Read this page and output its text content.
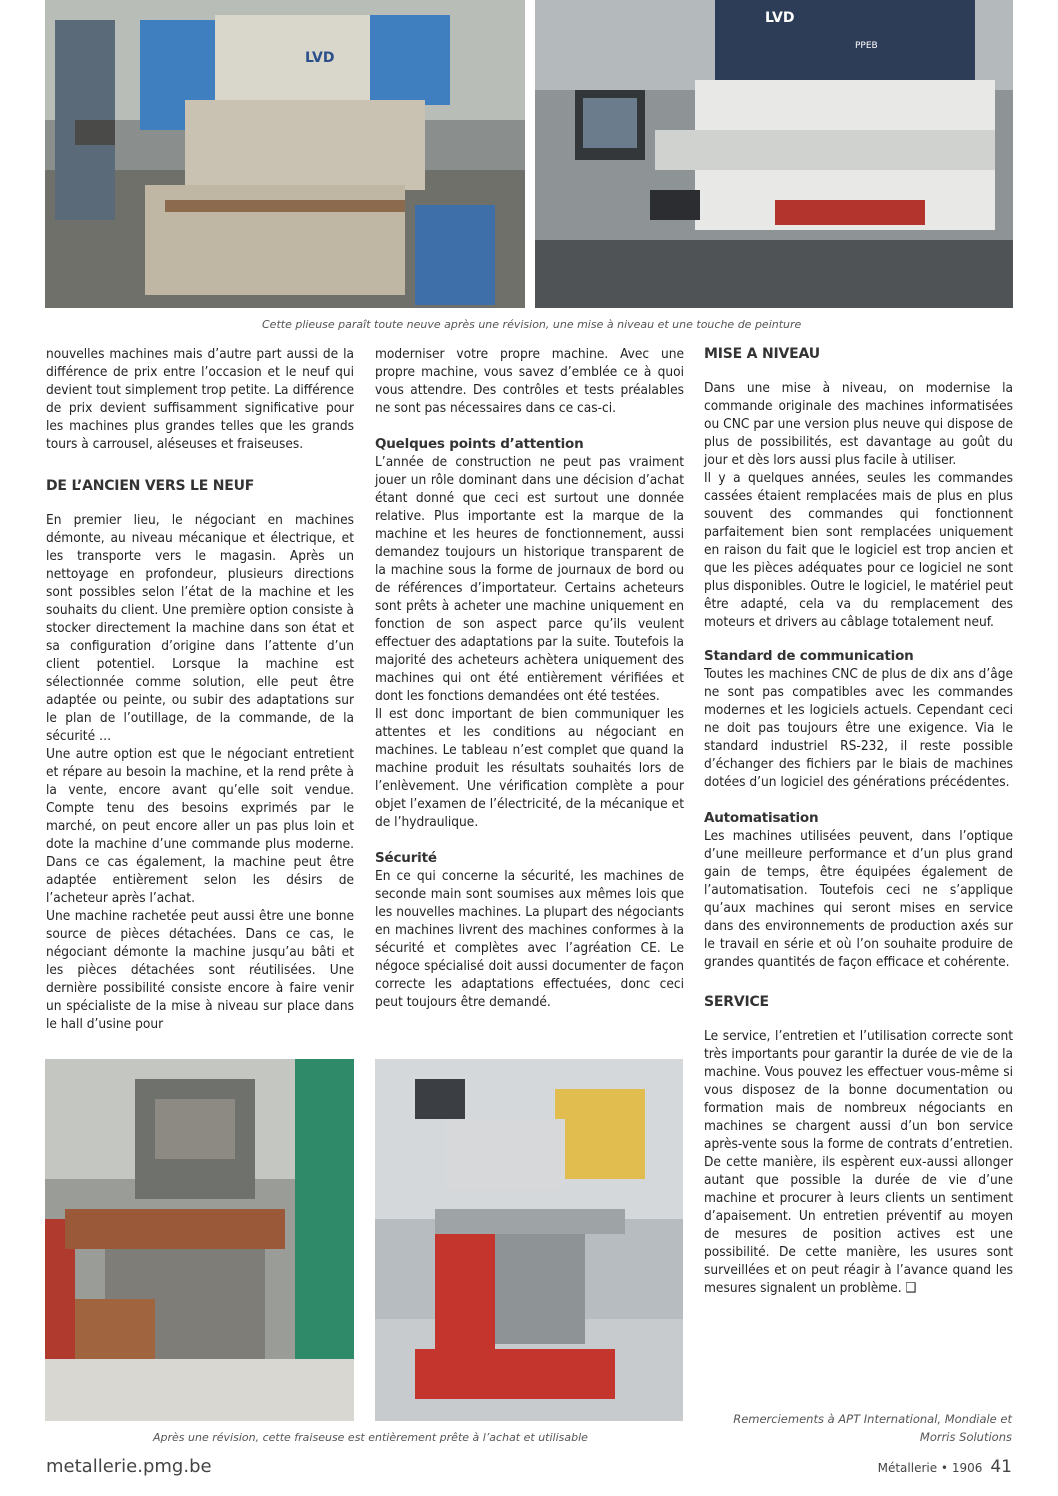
LVD
LVD
PPEB
Cette plieuse paraît toute neuve après une révision, une mise à niveau et une touche de peinture

nouvelles machines mais d’autre part aussi de la différence de prix entre l’occasion et le neuf qui devient tout simplement trop petite. La différence de prix devient suffisamment significative pour les machines plus grandes telles que les grands tours à carrousel, aléseuses et fraiseuses.

DE L’ANCIEN VERS LE NEUF

En premier lieu, le négociant en machines démonte, au niveau mécanique et électrique, et les transporte vers le magasin. Après un nettoyage en profondeur, plusieurs directions sont possibles selon l’état de la machine et les souhaits du client. Une première option consiste à stocker directement la machine dans son état et sa configuration d’origine dans l’attente d’un client potentiel. Lorsque la machine est sélectionnée comme solution, elle peut être adaptée ou peinte, ou subir des adaptations sur le plan de l’outillage, de la commande, de la sécurité …

Une autre option est que le négociant entretient et répare au besoin la machine, et la rend prête à la vente, encore avant qu’elle soit vendue. Compte tenu des besoins exprimés par le marché, on peut encore aller un pas plus loin et dote la machine d’une commande plus moderne. Dans ce cas également, la machine peut être adaptée entièrement selon les désirs de l’acheteur après l’achat.

Une machine rachetée peut aussi être une bonne source de pièces détachées. Dans ce cas, le négociant démonte la machine jusqu’au bâti et les pièces détachées sont réutilisées. Une dernière possibilité consiste encore à faire venir un spécialiste de la mise à niveau sur place dans le hall d’usine pour

moderniser votre propre machine. Avec une propre machine, vous savez d’emblée ce à quoi vous attendre. Des contrôles et tests préalables ne sont pas nécessaires dans ce cas-ci.

Quelques points d’attention

L’année de construction ne peut pas vraiment jouer un rôle dominant dans une décision d’achat étant donné que ceci est surtout une donnée relative. Plus importante est la marque de la machine et les heures de fonctionnement, aussi demandez toujours un historique transparent de la machine sous la forme de journaux de bord ou de références d’importateur. Certains acheteurs sont prêts à acheter une machine uniquement en fonction de son aspect parce qu’ils veulent effectuer des adaptations par la suite. Toutefois la majorité des acheteurs achètera uniquement des machines qui ont été entièrement vérifiées et dont les fonctions demandées ont été testées.

Il est donc important de bien communiquer les attentes et les conditions au négociant en machines. Le tableau n’est complet que quand la machine produit les résultats souhaités lors de l’enlèvement. Une vérification complète a pour objet l’examen de l’électricité, de la mécanique et de l’hydraulique.

Sécurité

En ce qui concerne la sécurité, les machines de seconde main sont soumises aux mêmes lois que les nouvelles machines. La plupart des négociants en machines livrent des machines conformes à la sécurité et complètes avec l’agréation CE. Le négoce spécialisé doit aussi documenter de façon correcte les adaptations effectuées, donc ceci peut toujours être demandé.

MISE A NIVEAU

Dans une mise à niveau, on modernise la commande originale des machines informatisées ou CNC par une version plus neuve qui dispose de plus de possibilités, est davantage au goût du jour et dès lors aussi plus facile à utiliser.

Il y a quelques années, seules les commandes cassées étaient remplacées mais de plus en plus souvent des commandes qui fonctionnent parfaitement bien sont remplacées uniquement en raison du fait que le logiciel est trop ancien et que les pièces adéquates pour ce logiciel ne sont plus disponibles. Outre le logiciel, le matériel peut être adapté, cela va du remplacement des moteurs et drivers au câblage totalement neuf.

Standard de communication

Toutes les machines CNC de plus de dix ans d’âge ne sont pas compatibles avec les commandes modernes et les logiciels actuels. Cependant ceci ne doit pas toujours être une exigence. Via le standard industriel RS-232, il reste possible d’échanger des fichiers par le biais de machines dotées d’un logiciel des générations précédentes.

Automatisation

Les machines utilisées peuvent, dans l’optique d’une meilleure performance et d’un plus grand gain de temps, être équipées également de l’automatisation. Toutefois ceci ne s’applique qu’aux machines qui seront mises en service dans des environnements de production axés sur le travail en série et où l’on souhaite produire de grandes quantités de façon efficace et cohérente.

SERVICE

Le service, l’entretien et l’utilisation correcte sont très importants pour garantir la durée de vie de la machine. Vous pouvez les effectuer vous-même si vous disposez de la bonne documentation ou formation mais de nombreux négociants en machines se chargent aussi d’un bon service après-vente sous la forme de contrats d’entretien. De cette manière, ils espèrent eux-aussi allonger autant que possible la durée de vie d’une machine et procurer à leurs clients un sentiment d’apaisement. Un entretien préventif au moyen de mesures de position actives est une possibilité. De cette manière, les usures sont surveillées et on peut réagir à l’avance quand les mesures signalent un problème. ❑

Après une révision, cette fraiseuse est entièrement prête à l’achat et utilisable
Remerciements à APT International, Mondiale et Morris Solutions
metallerie.pmg.be	Métallerie • 1906 41
